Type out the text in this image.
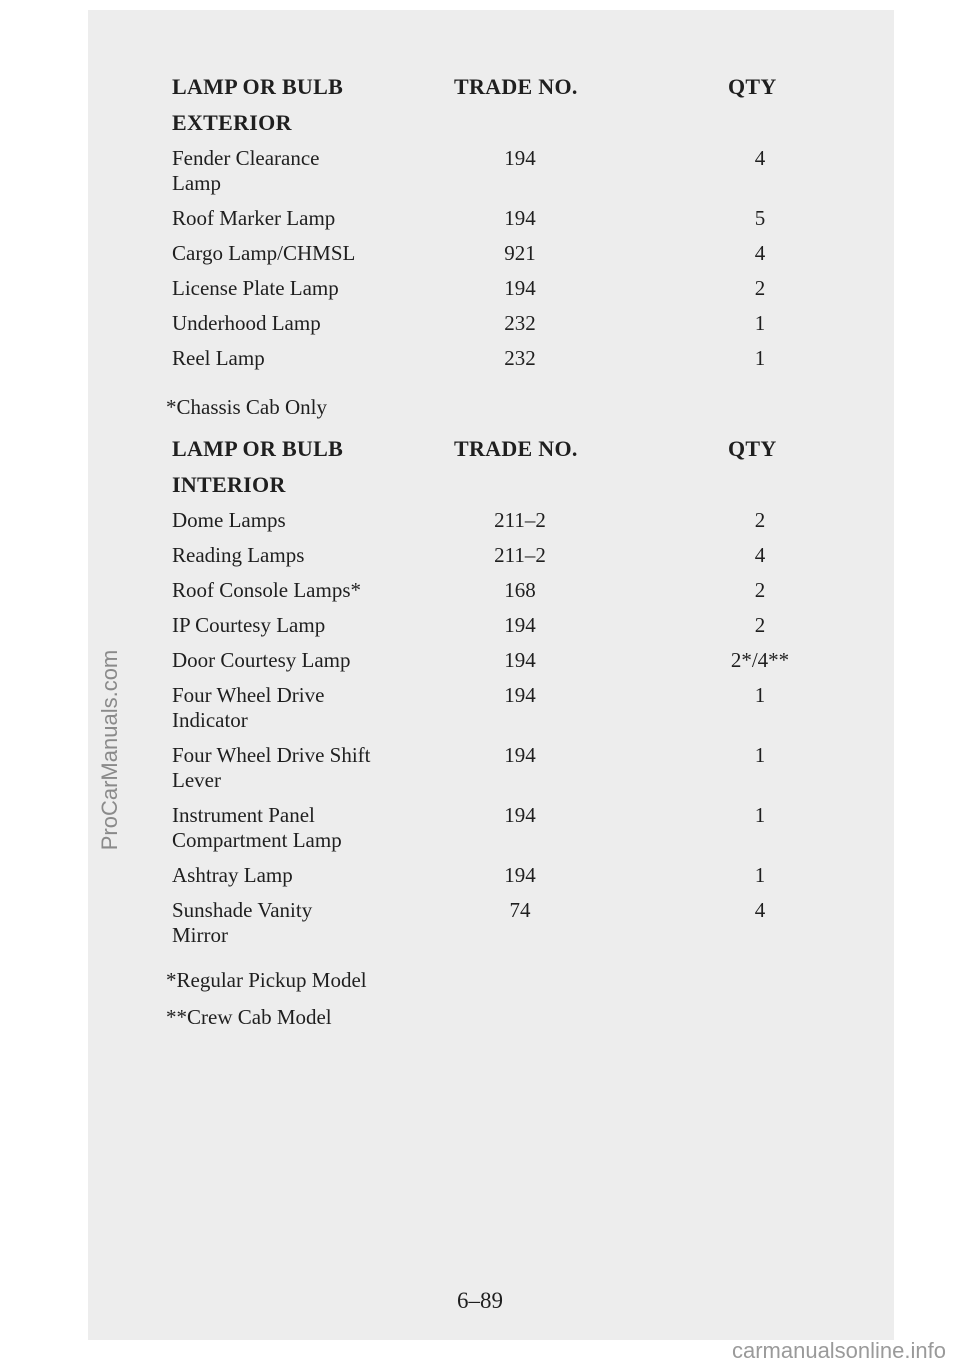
ProCarManuals.com
carmanualsonline.info
LAMP OR BULB	TRADE NO.	QTY
EXTERIOR
Fender Clearance
Lamp
194	4
Roof Marker Lamp	194	5
Cargo Lamp/CHMSL	921	4
License Plate Lamp	194	2
Underhood Lamp	232	1
Reel Lamp	232	1
*Chassis Cab Only
LAMP OR BULB	TRADE NO.	QTY
INTERIOR
Dome Lamps	211–2	2
Reading Lamps	211–2	4
Roof Console Lamps*	168	2
IP Courtesy Lamp	194	2
Door Courtesy Lamp	194	2*/4**
Four Wheel Drive
Indicator
194	1
Four Wheel Drive Shift
Lever
194	1
Instrument Panel
Compartment Lamp
194	1
Ashtray Lamp	194	1
Sunshade Vanity
Mirror
74	4
*Regular Pickup Model
**Crew Cab Model
6–89
